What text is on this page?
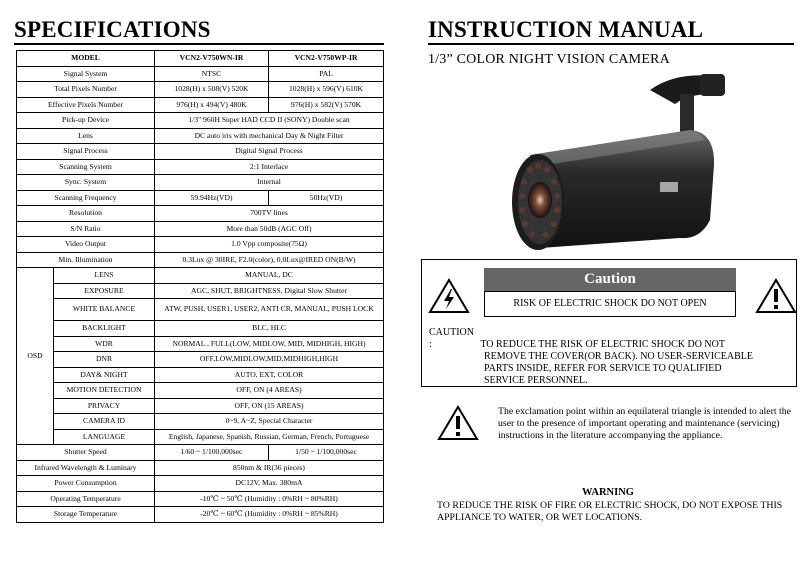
SPECIFICATIONS
MODEL		VCN2-V750WN-IR	VCN2-V750WP-IR
Signal System		NTSC	PAL
Total Pixels Number		1028(H) x 508(V) 520K	1028(H) x 596(V) 610K
Effective Pixels Number		976(H) x 494(V) 480K	976(H) x 582(V) 570K
Pick-up Device		1/3" 960H Super HAD CCD II (SONY) Double scan	
Lens		DC auto iris with mechanical Day & Night Filter	
Signal Process		Digital Signal Process	
Scanning System		2:1 Interlace	
Sync. System		Internal	
Scanning Frequency		59.94Hz(VD)	50Hz(VD)
Resolution		700TV lines	
S/N Ratio		More than 50dB (AGC Off)	
Video Output		1.0 Vpp composite(75Ω)	
Min. Illumination		0.3Lux @ 30IRE, F2.0(color), 0.0Lux@IRED ON(B/W)	
OSD	LENS	MANUAL, DC	
	EXPOSURE	AGC, SHUT, BRIGHTNESS, Digital Slow Shutter	
	WHITE BALANCE	ATW, PUSH, USER1, USER2, ANTI CR, MANUAL, PUSH LOCK	
	BACKLIGHT	BLC, HLC	
	WDR	NORMAL , FULL(LOW, MIDLOW, MID, MIDHIGH, HIGH)	
	DNR	OFF,LOW,MIDLOW,MID,MIDHIGH,HIGH	
	DAY& NIGHT	AUTO, EXT, COLOR	
	MOTION DETECTION	OFF, ON (4 AREAS)	
	PRIVACY	OFF, ON (15 AREAS)	
	CAMERA ID	0~9, A~Z, Special Character	
	LANGUAGE	English, Japanese, Spanish, Russian, German, French, Portuguese	
Shutter Speed		1/60 ~ 1/100,000sec	1/50 ~ 1/100,000sec
Infrared Wavelength & Luminary		850nm & IR(36 pieces)	
Power Consumption		DC12V, Max. 380mA	
Operating Temperature		-10℃ ~ 50℃ (Humidity : 0%RH ~ 80%RH)	
Storage Temperature		-20℃ ~ 60℃ (Humidity : 0%RH ~ 85%RH)	
INSTRUCTION MANUAL
1/3” COLOR NIGHT VISION CAMERA
Caution
RISK OF ELECTRIC SHOCK DO NOT OPEN
CAUTION :	TO REDUCE THE RISK OF ELECTRIC SHOCK DO NOT
REMOVE THE COVER(OR BACK). NO USER-SERVICEABLE
PARTS INSIDE, REFER FOR SERVICE TO QUALIFIED
SERVICE PERSONNEL.
The exclamation point within an equilateral triangle is intended to alert the user to the presence of important operating and maintenance (servicing) instructions in the literature accompanying the appliance.
WARNING
TO REDUCE THE RISK OF FIRE OR ELECTRIC SHOCK, DO NOT EXPOSE THIS APPLIANCE TO WATER, OR WET LOCATIONS.
